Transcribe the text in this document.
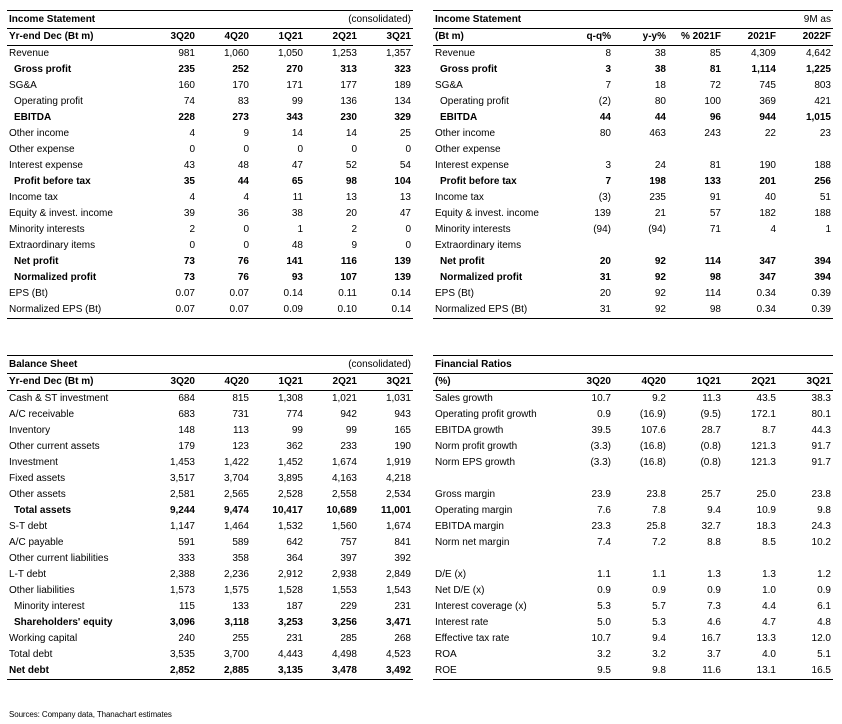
Income Statement			(consolidated)		
Yr-end Dec (Bt m)	3Q20	4Q20	1Q21	2Q21	3Q21
Revenue	981	1,060	1,050	1,253	1,357
Gross profit	235	252	270	313	323
SG&A	160	170	171	177	189
Operating profit	74	83	99	136	134
EBITDA	228	273	343	230	329
Other income	4	9	14	14	25
Other expense	0	0	0	0	0
Interest expense	43	48	47	52	54
Profit before tax	35	44	65	98	104
Income tax	4	4	11	13	13
Equity & invest. income	39	36	38	20	47
Minority interests	2	0	1	2	0
Extraordinary items	0	0	48	9	0
Net profit	73	76	141	116	139
Normalized profit	73	76	93	107	139
EPS (Bt)	0.07	0.07	0.14	0.11	0.14
Normalized EPS (Bt)	0.07	0.07	0.09	0.10	0.14
Income Statement			9M as		
(Bt m)	q-q%	y-y%	% 2021F	2021F	2022F
Revenue	8	38	85	4,309	4,642
Gross profit	3	38	81	1,114	1,225
SG&A	7	18	72	745	803
Operating profit	(2)	80	100	369	421
EBITDA	44	44	96	944	1,015
Other income	80	463	243	22	23
Other expense					
Interest expense	3	24	81	190	188
Profit before tax	7	198	133	201	256
Income tax	(3)	235	91	40	51
Equity & invest. income	139	21	57	182	188
Minority interests	(94)	(94)	71	4	1
Extraordinary items					
Net profit	20	92	114	347	394
Normalized profit	31	92	98	347	394
EPS (Bt)	20	92	114	0.34	0.39
Normalized EPS (Bt)	31	92	98	0.34	0.39
Balance Sheet			(consolidated)		
Yr-end Dec (Bt m)	3Q20	4Q20	1Q21	2Q21	3Q21
Cash & ST investment	684	815	1,308	1,021	1,031
A/C receivable	683	731	774	942	943
Inventory	148	113	99	99	165
Other current assets	179	123	362	233	190
Investment	1,453	1,422	1,452	1,674	1,919
Fixed assets	3,517	3,704	3,895	4,163	4,218
Other assets	2,581	2,565	2,528	2,558	2,534
Total assets	9,244	9,474	10,417	10,689	11,001
S-T debt	1,147	1,464	1,532	1,560	1,674
A/C payable	591	589	642	757	841
Other current liabilities	333	358	364	397	392
L-T debt	2,388	2,236	2,912	2,938	2,849
Other liabilities	1,573	1,575	1,528	1,553	1,543
Minority interest	115	133	187	229	231
Shareholders' equity	3,096	3,118	3,253	3,256	3,471
Working capital	240	255	231	285	268
Total debt	3,535	3,700	4,443	4,498	4,523
Net debt	2,852	2,885	3,135	3,478	3,492
Financial Ratios					
(%)	3Q20	4Q20	1Q21	2Q21	3Q21
Sales growth	10.7	9.2	11.3	43.5	38.3
Operating profit growth	0.9	(16.9)	(9.5)	172.1	80.1
EBITDA growth	39.5	107.6	28.7	8.7	44.3
Norm profit growth	(3.3)	(16.8)	(0.8)	121.3	91.7
Norm EPS growth	(3.3)	(16.8)	(0.8)	121.3	91.7

Gross margin	23.9	23.8	25.7	25.0	23.8
Operating margin	7.6	7.8	9.4	10.9	9.8
EBITDA margin	23.3	25.8	32.7	18.3	24.3
Norm net margin	7.4	7.2	8.8	8.5	10.2

D/E (x)	1.1	1.1	1.3	1.3	1.2
Net D/E (x)	0.9	0.9	0.9	1.0	0.9
Interest coverage (x)	5.3	5.7	7.3	4.4	6.1
Interest rate	5.0	5.3	4.6	4.7	4.8
Effective tax rate	10.7	9.4	16.7	13.3	12.0
ROA	3.2	3.2	3.7	4.0	5.1
ROE	9.5	9.8	11.6	13.1	16.5
Sources: Company data, Thanachart estimates
